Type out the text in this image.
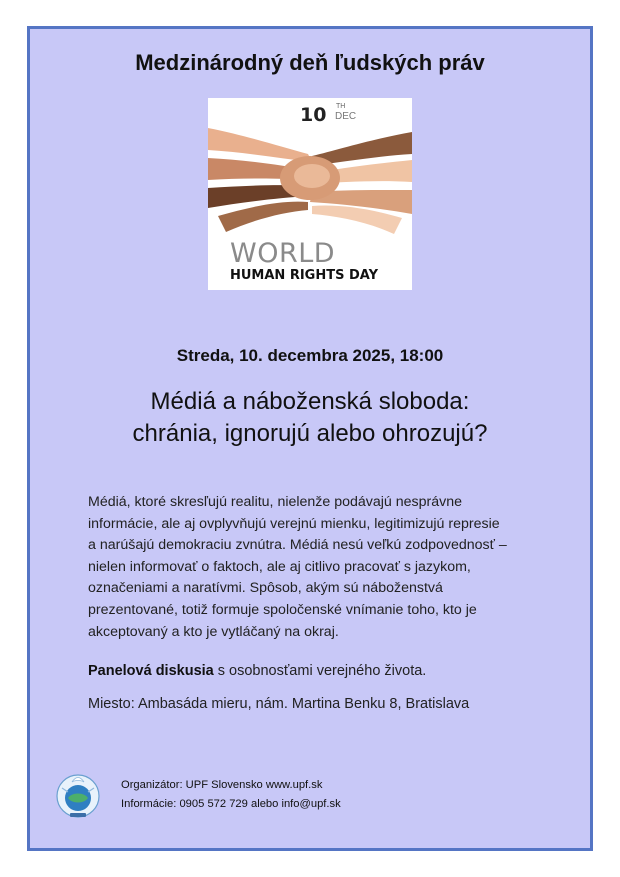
Medzinárodný deň ľudských práv
10 TH
DEC
WORLD
HUMAN RIGHTS DAY
Streda, 10. decembra 2025, 18:00
Médiá a náboženská sloboda:
chránia, ignorujú alebo ohrozujú?
Médiá, ktoré skresľujú realitu, nielenže podávajú nesprávne
informácie, ale aj ovplyvňujú verejnú mienku, legitimizujú represie
a narúšajú demokraciu zvnútra. Médiá nesú veľkú zodpovednosť –
nielen informovať o faktoch, ale aj citlivo pracovať s jazykom,
označeniami a naratívmi. Spôsob, akým sú náboženstvá
prezentované, totiž formuje spoločenské vnímanie toho, kto je
akceptovaný a kto je vytláčaný na okraj.
Panelová diskusia s osobnosťami verejného života.
Miesto: Ambasáda mieru, nám. Martina Benku 8, Bratislava
Organizátor: UPF Slovensko www.upf.sk
Informácie: 0905 572 729 alebo info@upf.sk
